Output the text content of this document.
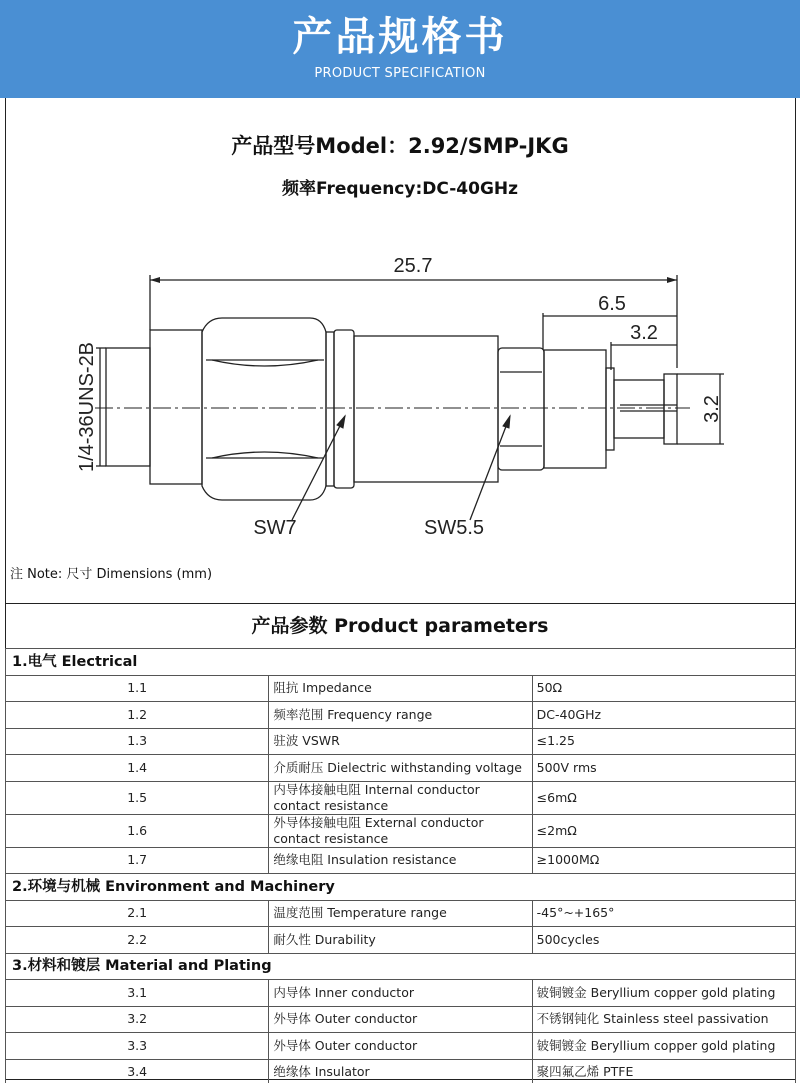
产品规格书
PRODUCT SPECIFICATION
产品型号Model：2.92/SMP-JKG
频率Frequency:DC-40GHz
25.7
6.5
3.2
3.2
1/4-36UNS-2B
SW7	SW5.5
注 Note: 尺寸 Dimensions (mm)
产品参数 Product parameters
1.电气 Electrical		
1.1	阻抗 Impedance	50Ω
1.2	频率范围 Frequency range	DC-40GHz
1.3	驻波 VSWR	≤1.25
1.4	介质耐压 Dielectric withstanding voltage	500V rms
1.5	内导体接触电阻 Internal conductor contact resistance	≤6mΩ
1.6	外导体接触电阻 External conductor contact resistance	≤2mΩ
1.7	绝缘电阻 Insulation resistance	≥1000MΩ
2.环境与机械 Environment and Machinery		
2.1	温度范围 Temperature range	-45°~+165°
2.2	耐久性 Durability	500cycles
3.材料和镀层 Material and Plating		
3.1	内导体 Inner conductor	铍铜镀金 Beryllium copper gold plating
3.2	外导体 Outer conductor	不锈钢钝化 Stainless steel passivation
3.3	外导体 Outer conductor	铍铜镀金 Beryllium copper gold plating
3.4	绝缘体 Insulator	聚四氟乙烯 PTFE
